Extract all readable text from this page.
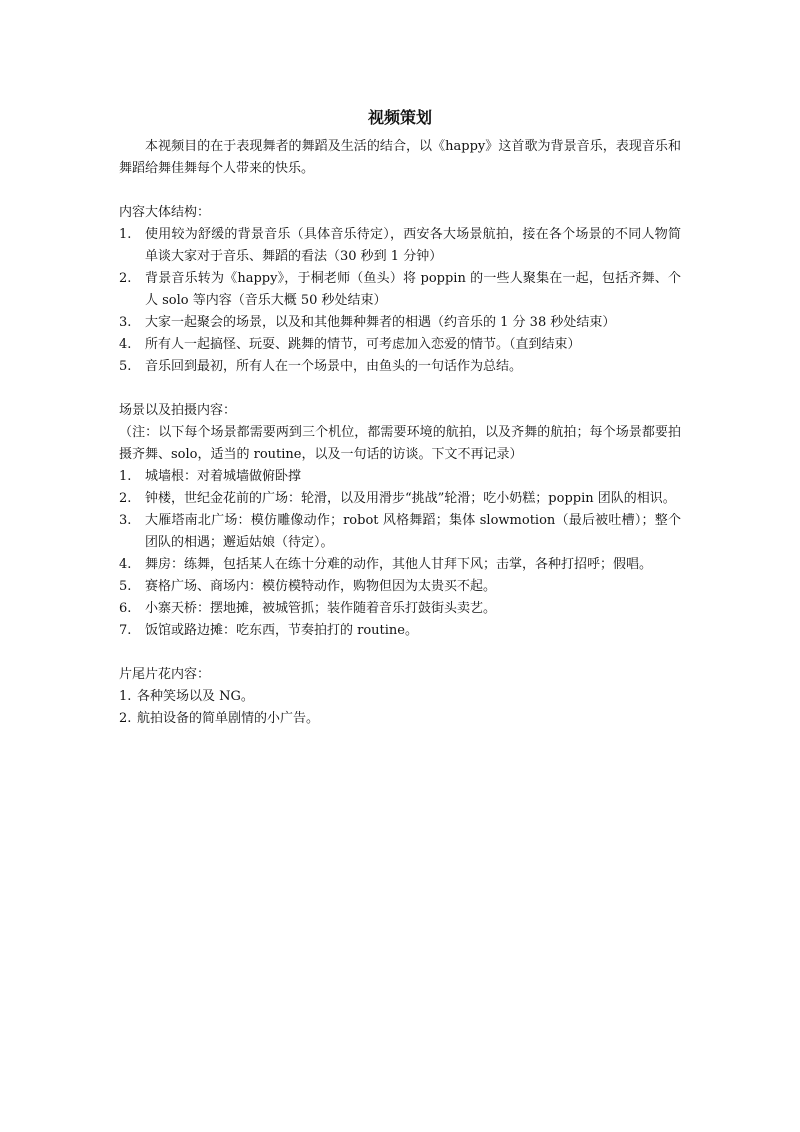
视频策划

本视频目的在于表现舞者的舞蹈及生活的结合，以《happy》这首歌为背景音乐，表现音乐和舞蹈给舞佳舞每个人带来的快乐。

内容大体结构：
1.	使用较为舒缓的背景音乐（具体音乐待定），西安各大场景航拍，接在各个场景的不同人物简单谈大家对于音乐、舞蹈的看法（30 秒到 1 分钟）
2.	背景音乐转为《happy》，于桐老师（鱼头）将 poppin 的一些人聚集在一起，包括齐舞、个人 solo 等内容（音乐大概 50 秒处结束）
3.	大家一起聚会的场景，以及和其他舞种舞者的相遇（约音乐的 1 分 38 秒处结束）
4.	所有人一起搞怪、玩耍、跳舞的情节，可考虑加入恋爱的情节。（直到结束）
5.	音乐回到最初，所有人在一个场景中，由鱼头的一句话作为总结。
场景以及拍摄内容：

（注：以下每个场景都需要两到三个机位，都需要环境的航拍，以及齐舞的航拍；每个场景都要拍摄齐舞、solo，适当的 routine，以及一句话的访谈。下文不再记录）

1.	城墙根：对着城墙做俯卧撑
2.	钟楼，世纪金花前的广场：轮滑，以及用滑步“挑战”轮滑；吃小奶糕；poppin 团队的相识。
3.	大雁塔南北广场：模仿雕像动作；robot 风格舞蹈；集体 slowmotion（最后被吐槽）；整个团队的相遇；邂逅姑娘（待定）。
4.	舞房：练舞，包括某人在练十分难的动作，其他人甘拜下风；击掌，各种打招呼；假唱。
5.	赛格广场、商场内：模仿模特动作，购物但因为太贵买不起。
6.	小寨天桥：摆地摊，被城管抓；装作随着音乐打鼓街头卖艺。
7.	饭馆或路边摊：吃东西，节奏拍打的 routine。
片尾片花内容：
1. 各种笑场以及 NG。
2. 航拍设备的简单剧情的小广告。
